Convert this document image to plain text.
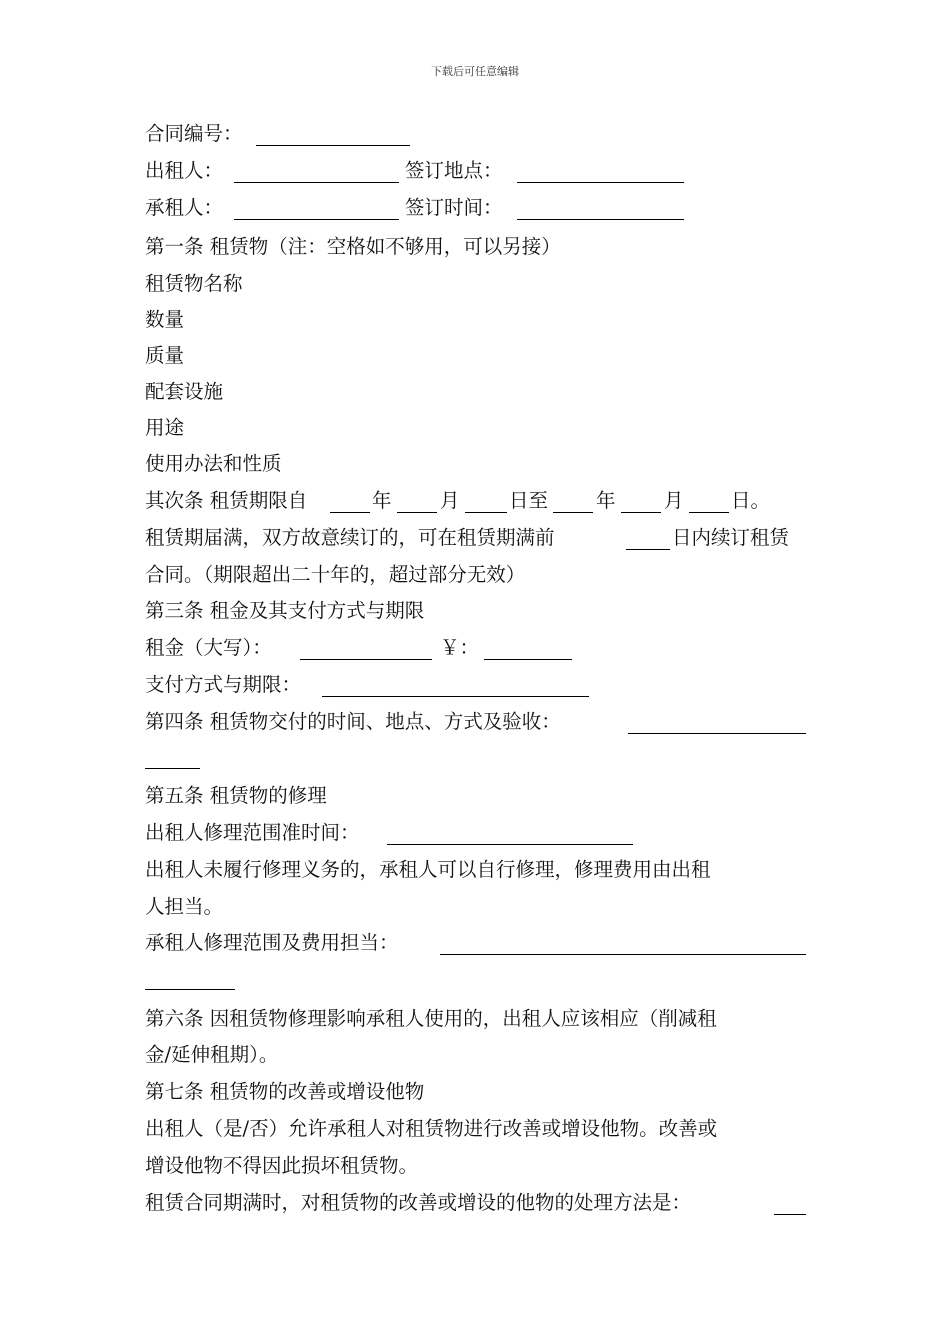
下载后可任意编辑
合同编号：
出租人：	签订地点：
承租人：	签订时间：
第一条 租赁物（注：空格如不够用，可以另接）
租赁物名称
数量
质量
配套设施
用途
使用办法和性质
其次条 租赁期限自	年 月	日至 年 月 日。
租赁期届满，双方故意续订的，可在租赁期满前	日内续订租赁
合同。（期限超出二十年的，超过部分无效）
第三条 租金及其支付方式与期限
租金（大写）：	￥：
支付方式与期限：
第四条 租赁物交付的时间、地点、方式及验收：
第五条 租赁物的修理
出租人修理范围准时间：
出租人未履行修理义务的，承租人可以自行修理，修理费用由出租
人担当。
承租人修理范围及费用担当：
第六条 因租赁物修理影响承租人使用的，出租人应该相应（削减租
金/延伸租期）。
第七条 租赁物的改善或增设他物
出租人（是/否）允许承租人对租赁物进行改善或增设他物。改善或
增设他物不得因此损坏租赁物。
租赁合同期满时，对租赁物的改善或增设的他物的处理方法是：
